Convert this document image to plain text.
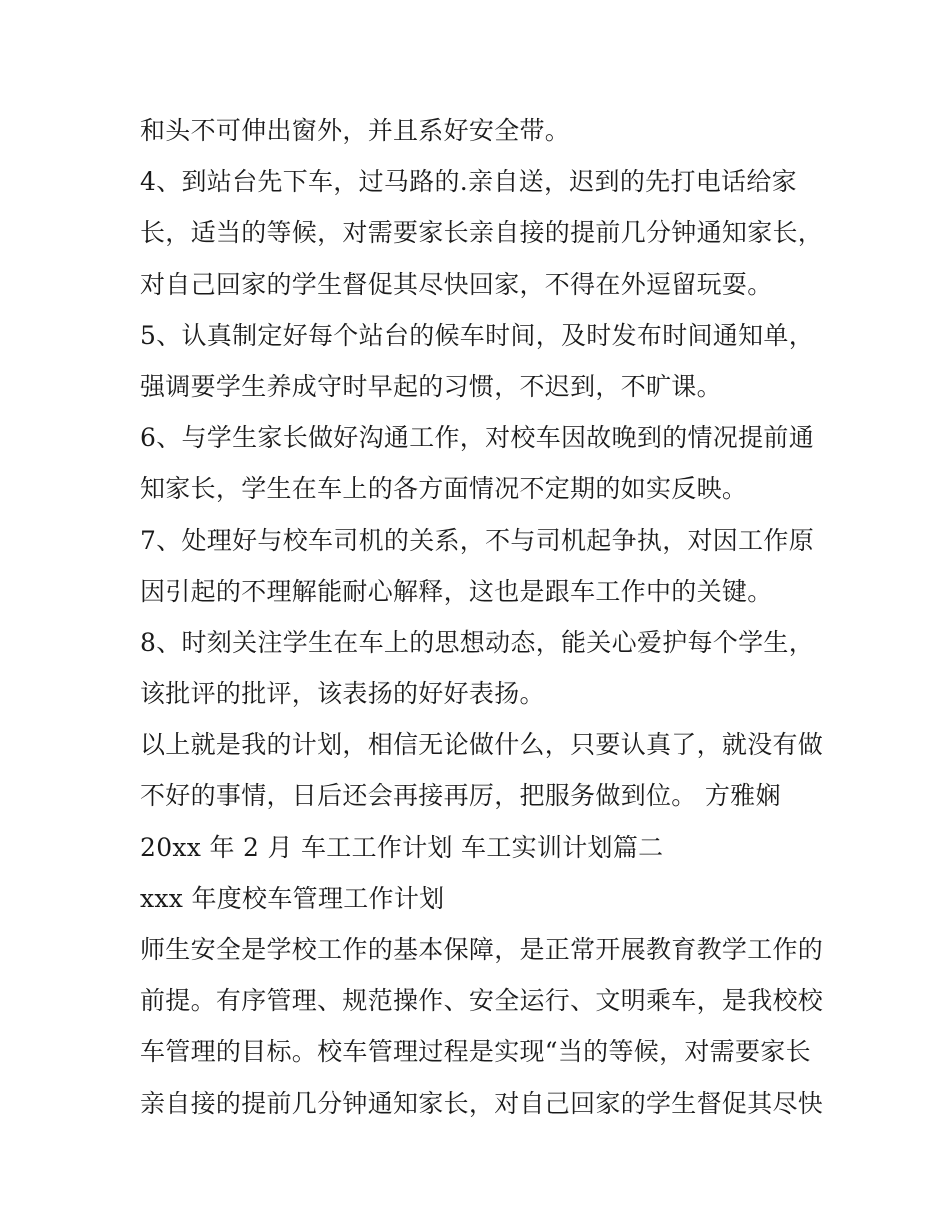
和头不可伸出窗外，并且系好安全带。
4、到站台先下车，过马路的.亲自送，迟到的先打电话给家
长，适当的等候，对需要家长亲自接的提前几分钟通知家长，
对自己回家的学生督促其尽快回家，不得在外逗留玩耍。
5、认真制定好每个站台的候车时间，及时发布时间通知单，
强调要学生养成守时早起的习惯，不迟到，不旷课。
6、与学生家长做好沟通工作，对校车因故晚到的情况提前通
知家长，学生在车上的各方面情况不定期的如实反映。
7、处理好与校车司机的关系，不与司机起争执，对因工作原
因引起的不理解能耐心解释，这也是跟车工作中的关键。
8、时刻关注学生在车上的思想动态，能关心爱护每个学生，
该批评的批评，该表扬的好好表扬。
以上就是我的计划，相信无论做什么，只要认真了，就没有做
不好的事情，日后还会再接再厉，把服务做到位。 方雅娴
20xx 年 2 月 车工工作计划 车工实训计划篇二
xxx 年度校车管理工作计划
师生安全是学校工作的基本保障，是正常开展教育教学工作的
前提。有序管理、规范操作、安全运行、文明乘车，是我校校
车管理的目标。校车管理过程是实现“当的等候，对需要家长
亲自接的提前几分钟通知家长，对自己回家的学生督促其尽快
